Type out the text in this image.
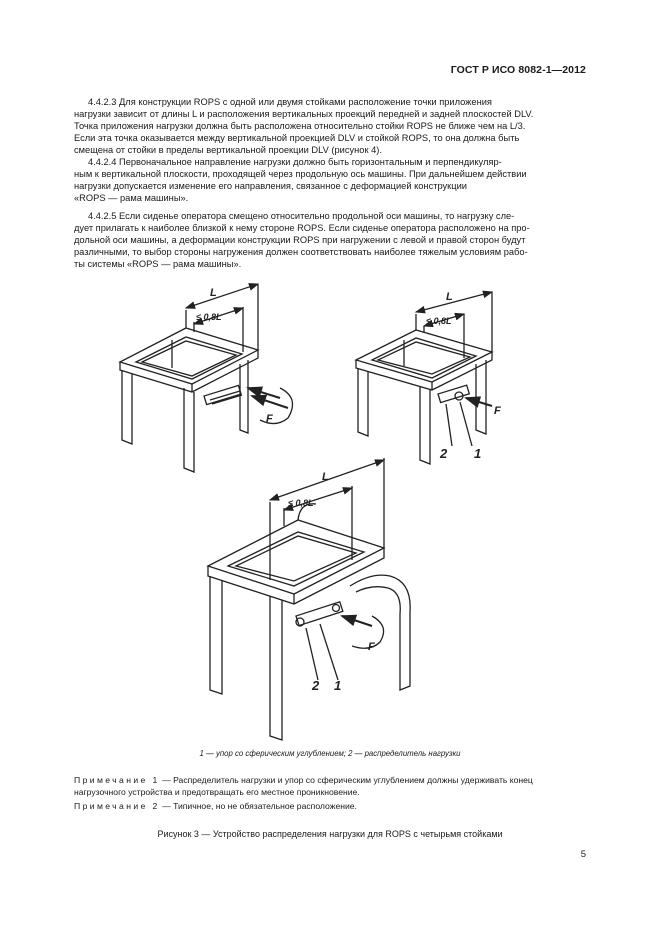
ГОСТ Р ИСО 8082-1—2012
4.4.2.3 Для конструкции ROPS с одной или двумя стойками расположение точки приложения
нагрузки зависит от длины L и расположения вертикальных проекций передней и задней плоскостей DLV.
Точка приложения нагрузки должна быть расположена относительно стойки ROPS не ближе чем на L/3.
Если эта точка оказывается между вертикальной проекцией DLV и стойкой ROPS, то она должна быть
смещена от стойки в пределы вертикальной проекции DLV (рисунок 4).
4.4.2.4 Первоначальное направление нагрузки должно быть горизонтальным и перпендикуляр-
ным к вертикальной плоскости, проходящей через продольную ось машины. При дальнейшем действии
нагрузки допускается изменение его направления, связанное с деформацией конструкции
«ROPS — рама машины».
4.4.2.5 Если сиденье оператора смещено относительно продольной оси машины, то нагрузку сле-
дует прилагать к наиболее близкой к нему стороне ROPS. Если сиденье оператора расположено на про-
дольной оси машины, а деформации конструкции ROPS при нагружении с левой и правой сторон будут
различными, то выбор стороны нагружения должен соответствовать наиболее тяжелым условиям рабо-
ты системы «ROPS — рама машины».
L
≤ 0,8L
F
L
≤ 0,8L
F
2 1
L
≤ 0,8L
F
2 1
1 — упор со сферическим углублением; 2 — распределитель нагрузки
Примечание 1 — Распределитель нагрузки и упор со сферическим углублением должны удерживать конец нагрузочного устройства и предотвращать его местное проникновение.
Примечание 2 — Типичное, но не обязательное расположение.
Рисунок 3 — Устройство распределения нагрузки для ROPS с четырьмя стойками
5
